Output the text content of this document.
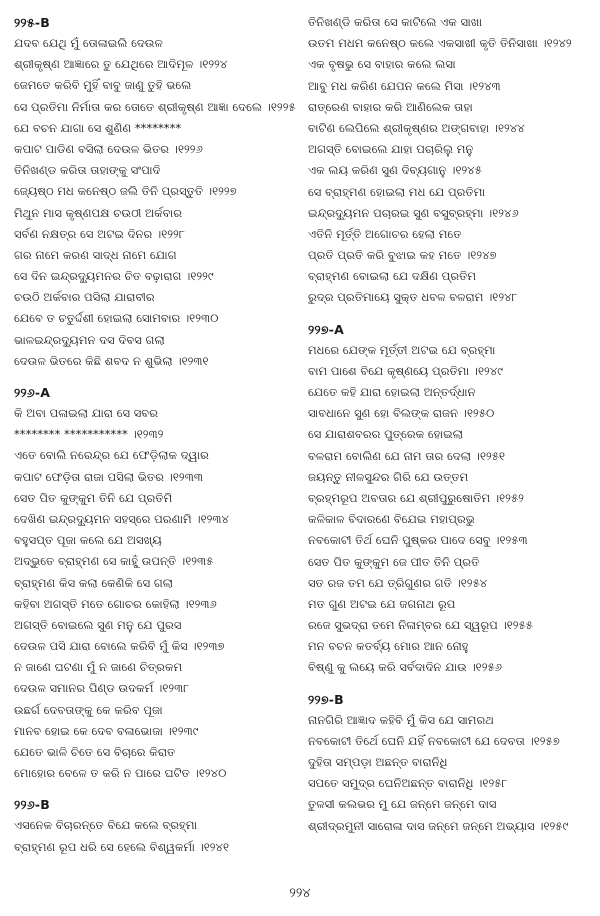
୨୨୫-B
ଯଦବ ଯେଥି ମୁଁ ତୋଳାଇଲି ଦେଉଳ
ଶ୍ରୀକୃଷ୍ଣ ଆଜ୍ଞାରେ ତୁ ଯେଥିରେ ଆଦିମୂଳ ।୧୨୨୪
ଜେମତେ କରିବି ମୁହିଁ ବାବୁ ଜାଣୁ ତୁହି ଭଲେ
ସେ ପ୍ରତିମା ନିର୍ମାତା କର ତୋତେ ଶ୍ରୀକୃଷ୍ଣ ଆଜ୍ଞା ଦେଲେ ।୧୨୨୫
ଯେ ବଚନ ଯାଗା ସେ ଶୁଣିଣ ********
କପାଟ ପାଡିଣ ବସିଲା ଦେଉଳ ଭିତର ।୧୨୨୬
ତିନିଖଣ୍ଡ କରିତା ତାହାଙ୍କୁ ସଂପାଦି
ଜ୍ୟେଷ୍ଠ ମଧ କନେଷ୍ଠ ଜଲି ତିନି ପ୍ରସ୍ତୁତି ।୧୨୨୭
ମିଥୁନ ମାସ କୃଷ୍ଣପକ୍ଷ ଚଉଠୀ ଅର୍କବାର
ସର୍ବଣ ନକ୍ଷତ୍ର ସେ ଅଟଇ ଦିନର ।୧୨୨୮
ଗର ନାମେ କରଣ ସାଦ୍ଧ ନାମେ ଯୋଗ
ସେ ଦିନ ଇନ୍ଦ୍ରଦ୍ୟୁମନର ଚିତ ବଢ଼ାରାଗ ।୧୨୨୯
ଚଉଠି ଅର୍କବାର ପସିଲା ଯାରାବୀର
ଯେବେ ତ ଚତୁର୍ଦ୍ଦଶୀ ହୋଇଲା ସୋମବାର ।୧୨୩୦
ଭାଳଇନ୍ଦ୍ରଦ୍ୟୁମନ ଦସ ଦିବସ ଗଲା
ଦେଉଳ ଭିତରେ କିଛି ଶବଦ ନ ଶୁଭିଲା ।୧୨୩୧
୨୨୬-A
କି ଅବା ପଳାଇଲା ଯାରା ସେ ସବର
******** *********** ।୧୨୩୨
ଏତେ ବୋଲି ନରେନ୍ଦ୍ର ଯେ ଫେଡ଼ିଲାକ ଦ୍ୱାର
କପାଟ ଫେଡ଼ିତା ରାଜା ପସିଲା ଭିତର ।୧୨୩୩
ସେତ ପିତ କୁଙ୍କୁମ ତିନି ଯେ ପ୍ରତିମି
ଦେଖିଣ ଇନ୍ଦ୍ରଦ୍ୟୁମନ ସହସ୍ରେ ପରଣାମି ।୧୨୩୪
ବହୁସପ୍ତ ପୂଜା କଲେ ଯେ ଅସଖ୍ୟ
ଅଦ୍ଭୁତେ ବ୍ରାହ୍ମଣ ସେ କାହୁଁ ଉପନ୍ତି ।୧୨୩୫
ବ୍ରାହ୍ମଣ କିସ କଲା କେଣିକି ସେ ଗଲା
କହିବା ଅଗସ୍ତି ମତେ ଗୋଚର କୋହିଲା ।୧୨୩୬
ଅଗସ୍ତି ବୋଇଲେ ସୁଣ ମନୁ ଯେ ପୁରସ
ଦେଉଳ ପସି ଯାରା ବୋଲେ କରିବି ମୁଁ କିସ ।୧୨୩୭
ନ ଜାଣେ ଘଟଣା ମୁଁ ନ ଜାଣେ ଚିତ୍ରକମ
ଦେଉଳ ସମାନର ପିଣ୍ଡ ଉଦକର୍ମ ।୧୨୩୮
ଉଛର୍ଗ ଦେବତାଙ୍କୁ କେ କରିବ ପୂଜା
ମାନବ ହୋଇ କେ ଦେବ ବଳାଭୋଜା ।୧୨୩୯
ଯେତେ ଭାଳି ଚିତେ ସେ ବିଚାରେ କିରାତ
ମୋହୋର ବେଳେ ତ କରି ନ ପାରେ ଘଟିତ ।୧୨୪୦
୨୨୬-B
ଏସନେକ ବିଚାରନ୍ତେ ବିଯେ କଲେ ବ୍ରହ୍ମା
ବ୍ରାହ୍ମଣ ରୂପ ଧରି ସେ ହେଲେ ବିଶ୍ୱକର୍ମା ।୧୨୪୧
ତିନିଖଣ୍ଡି କରିତା ସେ କାଟିଲେ ଏକ ସାଖା
ଉତମ ମଧମ କନେଷ୍ଠ କଲେ ଏକସାଖୀ କୃତି ତିନିସାଖା ।୧୨୪୨
ଏକ ବୃଷଭୁ ସେ ବାହାର କଲେ ଲସା
ଆବୁ ମଧ କରିଣ ଯେପନ କଲେ ମିସା ।୧୨୪୩
ରାତ୍ରେଣ ବାହାର କରି ଆଣିଲେକ ତାହା
ବାଟିଣ ଲେପିଲେ ଶ୍ରୀକୃଷ୍ଣର ଅଙ୍ଗବାହା ।୧୨୪୪
ଅଗସ୍ତି ବୋଇଲେ ଯାହା ପଚାରିଲୁ ମନୁ
ଏକ ଲୟ କରିଣ ସୁଣ ଦିବ୍ୟଗାନୁ ।୧୨୪୫
ସେ ବ୍ରାହ୍ମଣ ହୋଇଲା ମଧ ଯେ ପ୍ରତିମା
ଇନ୍ଦ୍ରଦ୍ୟୁମନ ପଚାରଇ ସୁଣ ବସୁବ୍ରହ୍ମା ।୧୨୪୬
ଏତିନି ମୂର୍ତ୍ତି ଅଗୋଚର ହେଲା ମତେ
ପ୍ରତି ପ୍ରତି କରି ବୁଝାଇ କହ ମତେ ।୧୨୪୭
ବ୍ରାହ୍ମଣ ବୋଇଲା ଯେ ଦକ୍ଷିଣ ପ୍ରତିମ
ରୁଦ୍ର ପ୍ରତିମାୟେ ସୁକ୍ତ ଧବଳ ବଳରାମ ।୧୨୪୮
୨୨୭-A
ମଧରେ ଯେଙ୍କ ମୂର୍ତ୍ତୀ ଅଟଇ ଯେ ବ୍ରହ୍ମା
ବାମ ପାଶେ ବିଯେ କୃଷ୍ଣୟେ ପ୍ରତିମା ।୧୨୪୯
ଯେତେ କହି ଯାରା ହୋଇଲା ଅନ୍ତର୍ଦ୍ଧାନ
ସାବଧାନେ ସୁଣ ହୋ ବିଲଙ୍କ ରାଜନ ।୧୨୫୦
ସେ ଯାରାଶବରର ପୁତ୍ରେକ ହୋଇଲା
ବଳରାମ ବୋଲିଣ ଯେ ନାମ ତାର ଦେଲା ।୧୨୫୧
ଜୟନ୍ତୁ ନୀଳସୁନ୍ଦର ଗିରି ଯେ ଉତ୍ତମ
ବ୍ରହ୍ମରୂପ ଅବତାର ଯେ ଶ୍ରୀପୁରୁଷୋତିମ ।୧୨୫୨
କଳିକାଳ ବିଦାରଣେ ବିଯେଇ ମହାପ୍ରଭୁ
ନବକୋଟୀ ତିର୍ଥ ଘେନି ପୁଷ୍କର ପାଦେ ସେବୁ ।୧୨୫୩
ସେତ ପିତ କୁଙ୍କୁମ ଜେ ପୀତ ତିନି ପ୍ରତି
ସତ ରଜ ତମ ଯେ ତ୍ରିଗୁଣର ଗତି ।୧୨୫୪
ମତ ଗୁଣ ଅଟଇ ଯେ ଜଗନାଥ ରୂପ
ରଜେ ସୁଭଦ୍ରା ତମେ ନିଳାମ୍ବର ଯେ ସ୍ୱରୂପ ।୧୨୫୫
ମନ ବଚନ କତର୍ବ୍ୟ ମୋର ଆନ ନୋହୁ
ବିଷ୍ଣୁ କୁ ଲୟେ କରି ସର୍ବଦାଦିନ ଯାଉ ।୧୨୫୬
୨୨୭-B
ନାନଗିରି ଆଜ୍ଞାଦ କହିବି ମୁଁ କିସ ଯେ ସାମରଥ
ନବକୋଟୀ ତିର୍ଥେ ଘେନି ଯହିଁ ନବକୋଟୀ ଯେ ଦେବତା ।୧୨୫୭
ଦୁହିତା ସମ୍ପଡ଼ା ଅଛନ୍ତ ବାରାନିଧି
ସପତେ ସମୁଦ୍ର ଘେନିଅଛନ୍ତ ବାରାନିଧି ।୧୨୫୮
ତୁଳସୀ କଲଭର ମୁ ଯେ ଜନ୍ମେ ଜନ୍ମେ ଦାସ
ଶ୍ରୀଦ୍ରମୁନୀ ସାରୋଳା ଦାସ ଜନ୍ମେ ଜନ୍ମେ ଅଭ୍ୟାସ ।୧୨୫୯
୨୨୪
